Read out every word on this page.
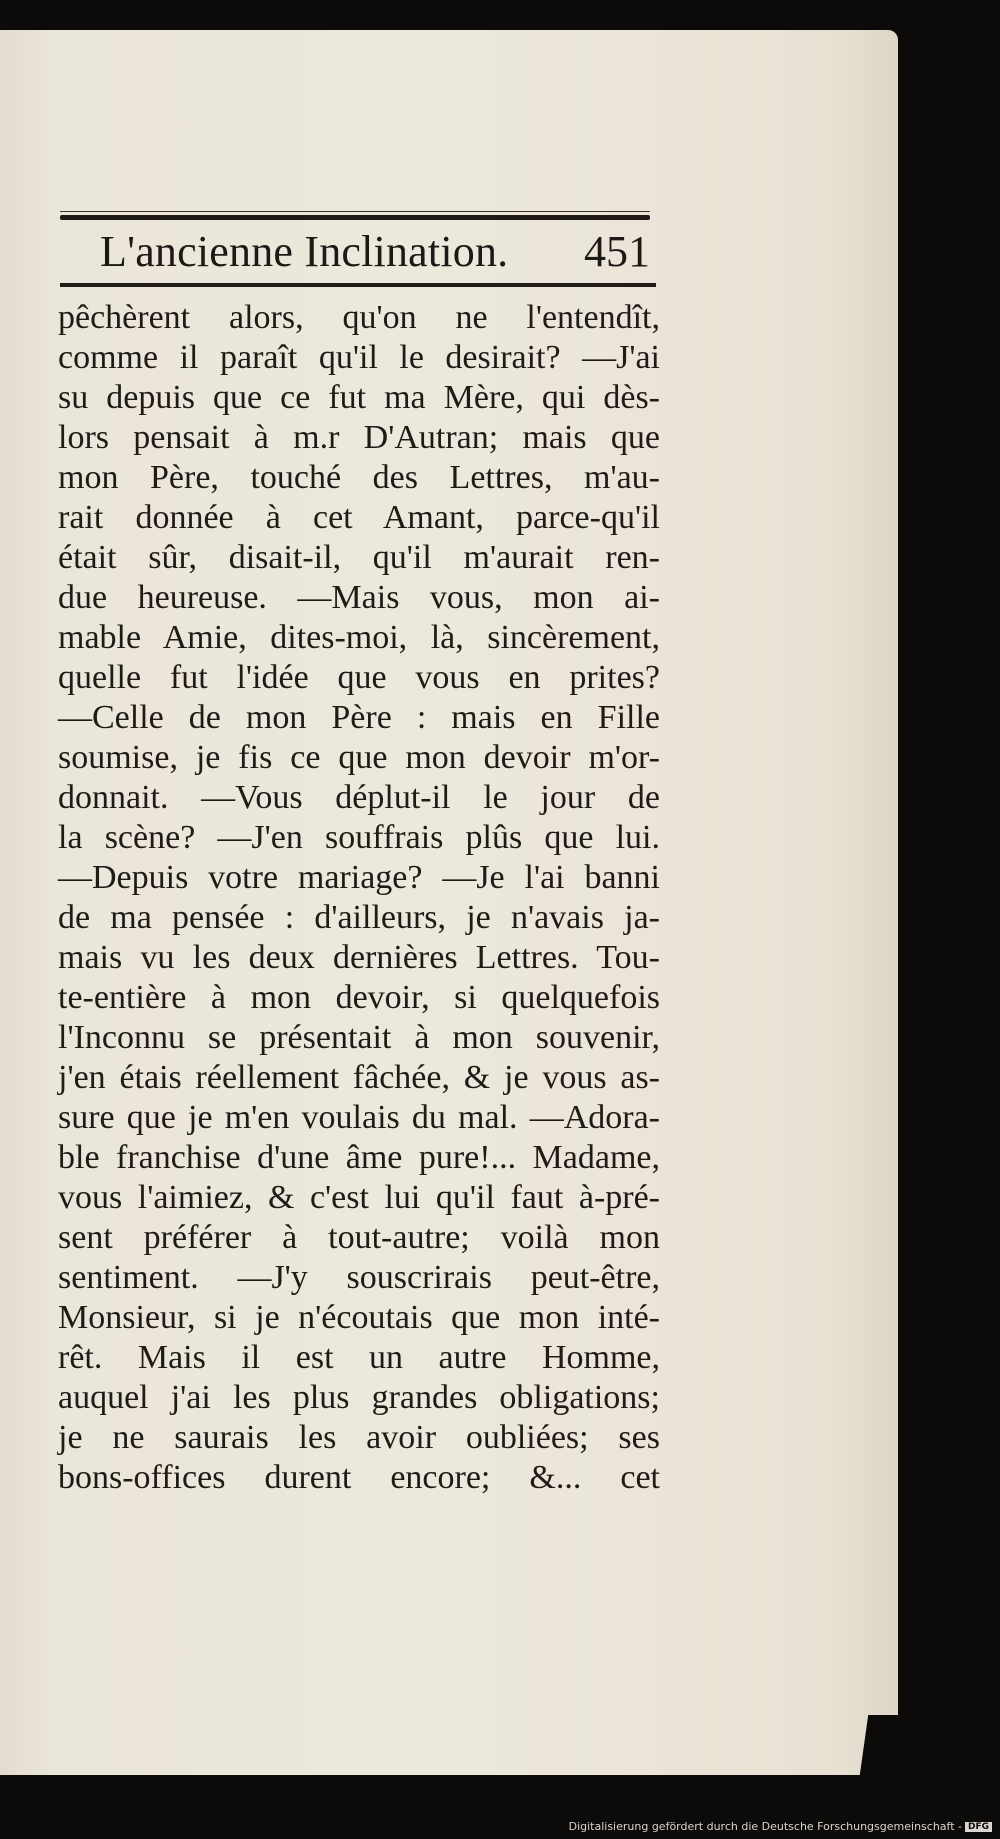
L'ancienne Inclination. 451
pêchèrent alors, qu'on ne l'entendît,
comme il paraît qu'il le desirait? —J'ai
su depuis que ce fut ma Mère, qui dès-
lors pensait à m.r D'Autran; mais que
mon Père, touché des Lettres, m'au-
rait donnée à cet Amant, parce-qu'il
était sûr, disait-il, qu'il m'aurait ren-
due heureuse. —Mais vous, mon ai-
mable Amie, dites-moi, là, sincèrement,
quelle fut l'idée que vous en prites?
—Celle de mon Père : mais en Fille
soumise, je fis ce que mon devoir m'or-
donnait. —Vous déplut-il le jour de
la scène? —J'en souffrais plûs que lui.
—Depuis votre mariage? —Je l'ai banni
de ma pensée : d'ailleurs, je n'avais ja-
mais vu les deux dernières Lettres. Tou-
te-entière à mon devoir, si quelquefois
l'Inconnu se présentait à mon souvenir,
j'en étais réellement fâchée, & je vous as-
sure que je m'en voulais du mal. —Adora-
ble franchise d'une âme pure!... Madame,
vous l'aimiez, & c'est lui qu'il faut à-pré-
sent préférer à tout-autre; voilà mon
sentiment. —J'y souscrirais peut-être,
Monsieur, si je n'écoutais que mon inté-
rêt. Mais il est un autre Homme,
auquel j'ai les plus grandes obligations;
je ne saurais les avoir oubliées; ses
bons-offices durent encore; &... cet
Digitalisierung gefördert durch die Deutsche Forschungsgemeinschaft - DFG
